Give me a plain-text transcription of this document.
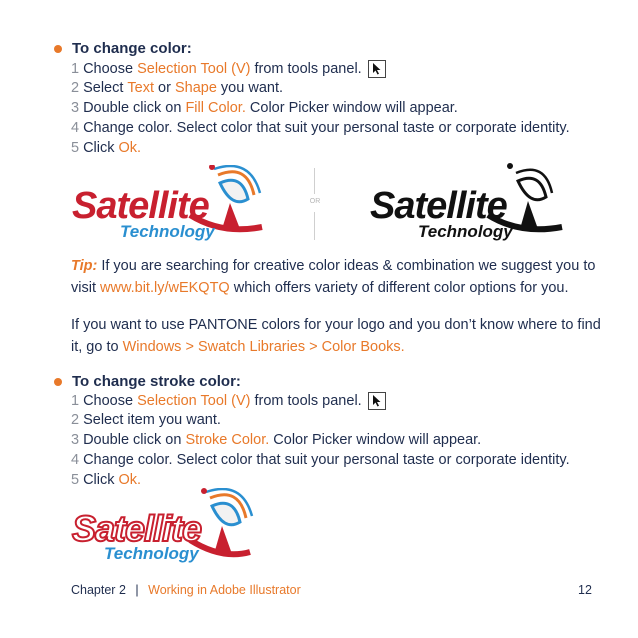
To change color:
1 Choose Selection Tool (V) from tools panel.
2 Select Text or Shape you want.
3 Double click on Fill Color. Color Picker window will appear.
4 Change color. Select color that suit your personal taste or corporate identity.
5 Click Ok.
Satellite
Technology
OR Satellite
Technology
Tip: If you are searching for creative color ideas & combination we suggest you to visit www.bit.ly/wEKQTQ which offers variety of different color options for you.
If you want to use PANTONE colors for your logo and you don’t know where to find it, go to Windows > Swatch Libraries > Color Books.
To change stroke color:
1 Choose Selection Tool (V) from tools panel.
2 Select item you want.
3 Double click on Stroke Color. Color Picker window will appear.
4 Change color. Select color that suit your personal taste or corporate identity.
5 Click Ok.
Satellite
Technology
Chapter 2 | Working in Adobe Illustrator	12
